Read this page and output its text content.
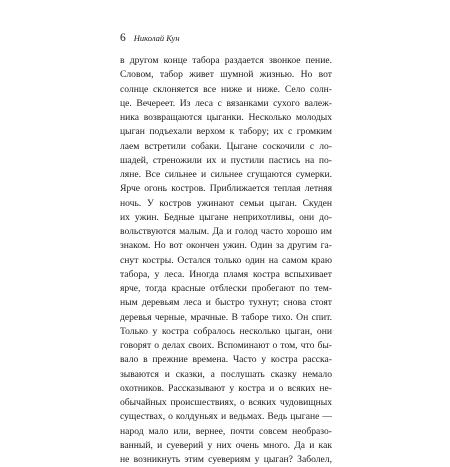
6 Николай Кун
в другом конце табора раздается звонкое пение.
Словом, табор живет шумной жизнью. Но вот
солнце склоняется все ниже и ниже. Село солн-
це. Вечереет. Из леса с вязанками сухого валеж-
ника возвращаются цыганки. Несколько молодых
цыган подъехали верхом к табору; их с громким
лаем встретили собаки. Цыгане соскочили с ло-
шадей, стреножили их и пустили пастись на по-
ляне. Все сильнее и сильнее сгущаются сумерки.
Ярче огонь костров. Приближается теплая летняя
ночь. У костров ужинают семьи цыган. Скуден
их ужин. Бедные цыгане неприхотливы, они до-
вольствуются малым. Да и голод часто хорошо им
знаком. Но вот окончен ужин. Один за другим га-
снут костры. Остался только один на самом краю
табора, у леса. Иногда пламя костра вспыхивает
ярче, тогда красные отблески пробегают по тем-
ным деревьям леса и быстро тухнут; снова стоят
деревья черные, мрачные. В таборе тихо. Он спит.
Только у костра собралось несколько цыган, они
говорят о делах своих. Вспоминают о том, что бы-
вало в прежние времена. Часто у костра расска-
зываются и сказки, а послушать сказку немало
охотников. Рассказывают у костра и о всяких не-
обычайных происшествиях, о всяких чудовищных
существах, о колдуньях и ведьмах. Ведь цыгане —
народ мало или, вернее, почти совсем необразо-
ванный, и суеверий у них очень много. Да и как
не возникнуть этим суевериям у цыган? Заболел,
